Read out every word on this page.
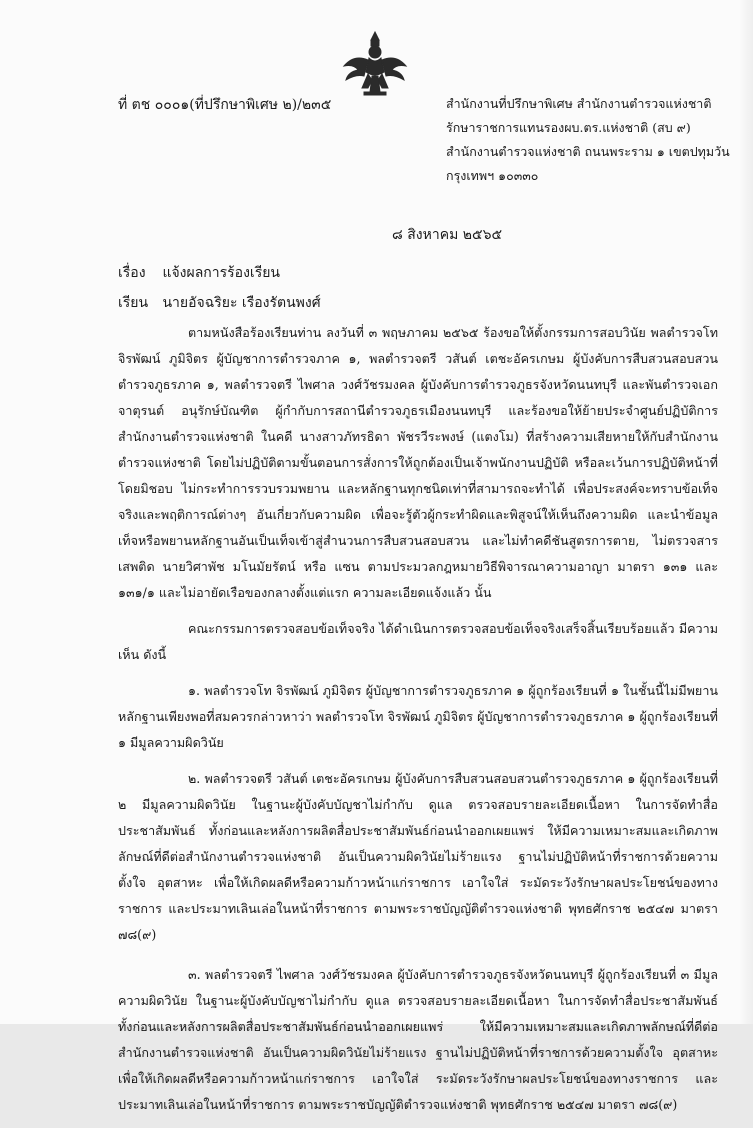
ที่ ตช ๐๐๐๑(ที่ปรึกษาพิเศษ ๒)/๒๓๕	สำนักงานที่ปรึกษาพิเศษ สำนักงานตำรวจแห่งชาติ
รักษาราชการแทนรองผบ.ตร.แห่งชาติ (สบ ๙)
สำนักงานตำรวจแห่งชาติ ถนนพระราม ๑ เขตปทุมวัน
กรุงเทพฯ ๑๐๓๓๐
๘ สิงหาคม ๒๕๖๕
เรื่อง แจ้งผลการร้องเรียน
เรียน นายอัจฉริยะ เรืองรัตนพงศ์

ตามหนังสือร้องเรียนท่าน ลงวันที่ ๓ พฤษภาคม ๒๕๖๕ ร้องขอให้ตั้งกรรมการสอบวินัย พลตำรวจโท จิรพัฒน์ ภูมิจิตร ผู้บัญชาการตำรวจภาค ๑, พลตำรวจตรี วสันต์ เตชะอัครเกษม ผู้บังคับการสืบสวนสอบสวนตำรวจภูธรภาค ๑, พลตำรวจตรี ไพศาล วงศ์วัชรมงคล ผู้บังคับการตำรวจภูธรจังหวัดนนทบุรี และพันตำรวจเอก จาตุรนต์ อนุรักษ์บัณฑิต ผู้กำกับการสถานีตำรวจภูธรเมืองนนทบุรี และร้องขอให้ย้ายประจำศูนย์ปฏิบัติการ สำนักงานตำรวจแห่งชาติ ในคดี นางสาวภัทรธิดา พัชรวีระพงษ์ (แตงโม) ที่สร้างความเสียหายให้กับสำนักงานตำรวจแห่งชาติ โดยไม่ปฏิบัติตามขั้นตอนการสั่งการให้ถูกต้องเป็นเจ้าพนักงานปฏิบัติ หรือละเว้นการปฏิบัติหน้าที่โดยมิชอบ ไม่กระทำการรวบรวมพยาน และหลักฐานทุกชนิดเท่าที่สามารถจะทำได้ เพื่อประสงค์จะทราบข้อเท็จจริงและพฤติการณ์ต่างๆ อันเกี่ยวกับความผิด เพื่อจะรู้ตัวผู้กระทำผิดและพิสูจน์ให้เห็นถึงความผิด และนำข้อมูลเท็จหรือพยานหลักฐานอันเป็นเท็จเข้าสู่สำนวนการสืบสวนสอบสวน และไม่ทำคดีชันสูตรการตาย, ไม่ตรวจสารเสพติด นายวิศาพัช มโนมัยรัตน์ หรือ แซน ตามประมวลกฎหมายวิธีพิจารณาความอาญา มาตรา ๑๓๑ และ ๑๓๑/๑ และไม่อายัดเรือของกลางตั้งแต่แรก ความละเอียดแจ้งแล้ว นั้น

คณะกรรมการตรวจสอบข้อเท็จจริง ได้ดำเนินการตรวจสอบข้อเท็จจริงเสร็จสิ้นเรียบร้อยแล้ว มีความเห็น ดังนี้

๑. พลตำรวจโท จิรพัฒน์ ภูมิจิตร ผู้บัญชาการตำรวจภูธรภาค ๑ ผู้ถูกร้องเรียนที่ ๑ ในชั้นนี้ไม่มีพยานหลักฐานเพียงพอที่สมควรกล่าวหาว่า พลตำรวจโท จิรพัฒน์ ภูมิจิตร ผู้บัญชาการตำรวจภูธรภาค ๑ ผู้ถูกร้องเรียนที่ ๑ มีมูลความผิดวินัย

๒. พลตำรวจตรี วสันต์ เตชะอัครเกษม ผู้บังคับการสืบสวนสอบสวนตำรวจภูธรภาค ๑ ผู้ถูกร้องเรียนที่ ๒ มีมูลความผิดวินัย ในฐานะผู้บังคับบัญชาไม่กำกับ ดูแล ตรวจสอบรายละเอียดเนื้อหา ในการจัดทำสื่อประชาสัมพันธ์ ทั้งก่อนและหลังการผลิตสื่อประชาสัมพันธ์ก่อนนำออกเผยแพร่ ให้มีความเหมาะสมและเกิดภาพลักษณ์ที่ดีต่อสำนักงานตำรวจแห่งชาติ อันเป็นความผิดวินัยไม่ร้ายแรง ฐานไม่ปฏิบัติหน้าที่ราชการด้วยความตั้งใจ อุตสาหะ เพื่อให้เกิดผลดีหรือความก้าวหน้าแก่ราชการ เอาใจใส่ ระมัดระวังรักษาผลประโยชน์ของทางราชการ และประมาทเลินเล่อในหน้าที่ราชการ ตามพระราชบัญญัติตำรวจแห่งชาติ พุทธศักราช ๒๕๔๗ มาตรา ๗๘(๙)

๓. พลตำรวจตรี ไพศาล วงศ์วัชรมงคล ผู้บังคับการตำรวจภูธรจังหวัดนนทบุรี ผู้ถูกร้องเรียนที่ ๓ มีมูลความผิดวินัย ในฐานะผู้บังคับบัญชาไม่กำกับ ดูแล ตรวจสอบรายละเอียดเนื้อหา ในการจัดทำสื่อประชาสัมพันธ์ ทั้งก่อนและหลังการผลิตสื่อประชาสัมพันธ์ก่อนนำออกเผยแพร่ ให้มีความเหมาะสมและเกิดภาพลักษณ์ที่ดีต่อสำนักงานตำรวจแห่งชาติ อันเป็นความผิดวินัยไม่ร้ายแรง ฐานไม่ปฏิบัติหน้าที่ราชการด้วยความตั้งใจ อุตสาหะ เพื่อให้เกิดผลดีหรือความก้าวหน้าแก่ราชการ เอาใจใส่ ระมัดระวังรักษาผลประโยชน์ของทางราชการ และประมาทเลินเล่อในหน้าที่ราชการ ตามพระราชบัญญัติตำรวจแห่งชาติ พุทธศักราช ๒๕๔๗ มาตรา ๗๘(๙)
